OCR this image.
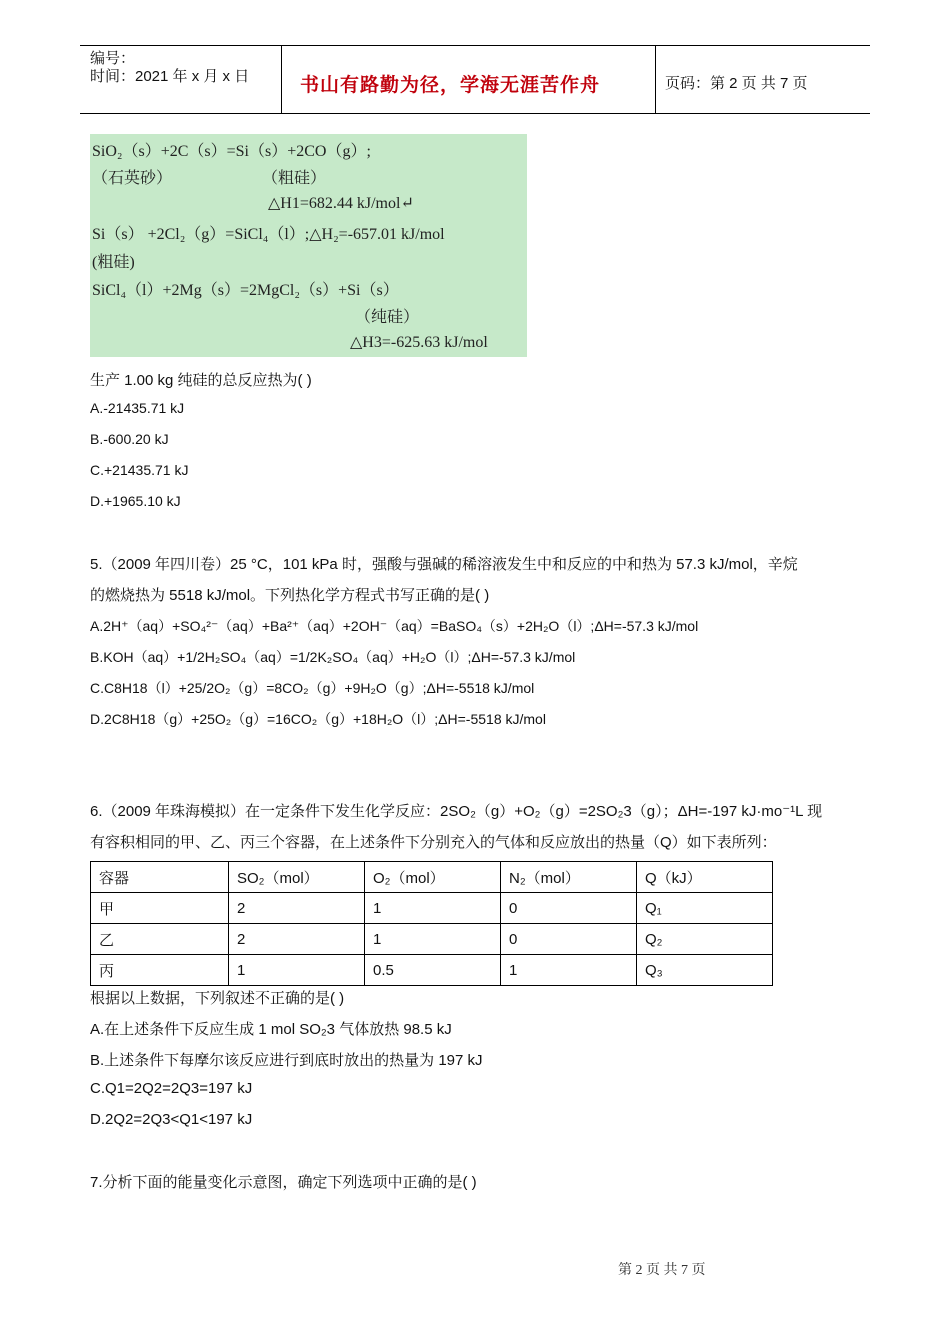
编号：
时间：2021 年 x 月 x 日	书山有路勤为径，学海无涯苦作舟	页码：第 2 页 共 7 页
SiO₂（s）+2C（s）=Si（s）+2CO（g）;
（石英砂）	（粗硅）
△H1=682.44 kJ/mol↵
Si（s） +2Cl₂（g）=SiCl₄（l）;△H₂=-657.01 kJ/mol
(粗硅)
SiCl₄（l）+2Mg（s）=2MgCl₂（s）+Si（s）
（纯硅）
△H3=-625.63 kJ/mol
生产 1.00 kg 纯硅的总反应热为( )
A.-21435.71 kJ
B.-600.20 kJ
C.+21435.71 kJ
D.+1965.10 kJ
5.（2009 年四川卷）25 °C，101 kPa 时，强酸与强碱的稀溶液发生中和反应的中和热为 57.3 kJ/mol，辛烷
的燃烧热为 5518 kJ/mol。下列热化学方程式书写正确的是( )
A.2H⁺（aq）+SO₄²⁻（aq）+Ba²⁺（aq）+2OH⁻（aq）=BaSO₄（s）+2H₂O（l）;ΔH=-57.3 kJ/mol
B.KOH（aq）+1/2H₂SO₄（aq）=1/2K₂SO₄（aq）+H₂O（l）;ΔH=-57.3 kJ/mol
C.C8H18（l）+25/2O₂（g）=8CO₂（g）+9H₂O（g）;ΔH=-5518 kJ/mol
D.2C8H18（g）+25O₂（g）=16CO₂（g）+18H₂O（l）;ΔH=-5518 kJ/mol
6.（2009 年珠海模拟）在一定条件下发生化学反应：2SO₂（g）+O₂（g）=2SO₂3（g）；ΔH=-197 kJ·mo⁻¹L 现
有容积相同的甲、乙、丙三个容器，在上述条件下分别充入的气体和反应放出的热量（Q）如下表所列：
容器	SO₂（mol）	O₂（mol）	N₂（mol）	Q（kJ）
甲	2	1	0	Q₁
乙	2	1	0	Q₂
丙	1	0.5	1	Q₃
根据以上数据，下列叙述不正确的是( )
A.在上述条件下反应生成 1 mol SO₂3 气体放热 98.5 kJ
B.上述条件下每摩尔该反应进行到底时放出的热量为 197 kJ
C.Q1=2Q2=2Q3=197 kJ
D.2Q2=2Q3<Q1<197 kJ
7.分析下面的能量变化示意图，确定下列选项中正确的是( )
第 2 页 共 7 页
